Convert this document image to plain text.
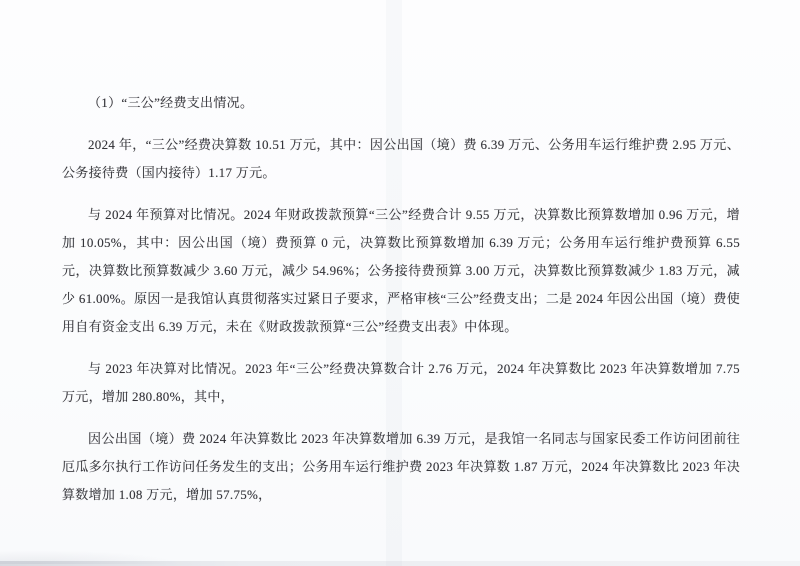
（1）“三公”经费支出情况。

2024 年，“三公”经费决算数 10.51 万元，其中：因公出国（境）费 6.39 万元、公务用车运行维护费 2.95 万元、公务接待费（国内接待）1.17 万元。

与 2024 年预算对比情况。2024 年财政拨款预算“三公”经费合计 9.55 万元，决算数比预算数增加 0.96 万元，增加 10.05%，其中：因公出国（境）费预算 0 元，决算数比预算数增加 6.39 万元；公务用车运行维护费预算 6.55 元，决算数比预算数减少 3.60 万元，减少 54.96%；公务接待费预算 3.00 万元，决算数比预算数减少 1.83 万元，减少 61.00%。原因一是我馆认真贯彻落实过紧日子要求，严格审核“三公”经费支出；二是 2024 年因公出国（境）费使用自有资金支出 6.39 万元，未在《财政拨款预算“三公”经费支出表》中体现。

与 2023 年决算对比情况。2023 年“三公”经费决算数合计 2.76 万元，2024 年决算数比 2023 年决算数增加 7.75 万元，增加 280.80%，其中，

因公出国（境）费 2024 年决算数比 2023 年决算数增加 6.39 万元，是我馆一名同志与国家民委工作访问团前往厄瓜多尔执行工作访问任务发生的支出；公务用车运行维护费 2023 年决算数 1.87 万元，2024 年决算数比 2023 年决算数增加 1.08 万元，增加 57.75%，
